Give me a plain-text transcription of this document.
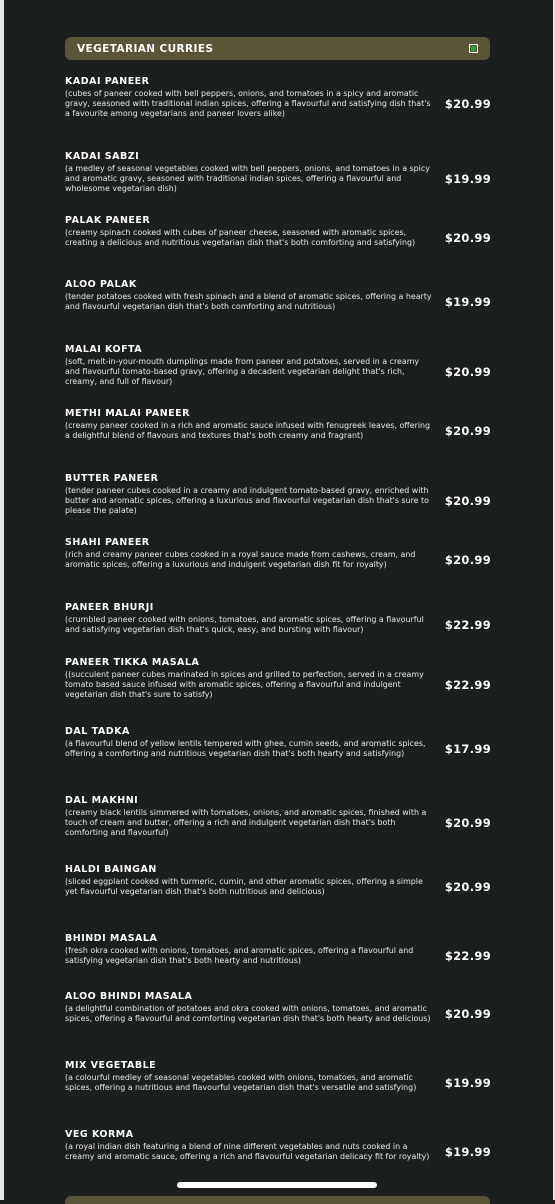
VEGETARIAN CURRIES
KADAI PANEER
(cubes of paneer cooked with bell peppers, onions, and tomatoes in a spicy and aromatic gravy, seasoned with traditional indian spices, offering a flavourful and satisfying dish that's a favourite among vegetarians and paneer lovers alike)
$20.99
KADAI SABZI
(a medley of seasonal vegetables cooked with bell peppers, onions, and tomatoes in a spicy and aromatic gravy, seasoned with traditional indian spices, offering a flavourful and wholesome vegetarian dish)
$19.99
PALAK PANEER
(creamy spinach cooked with cubes of paneer cheese, seasoned with aromatic spices, creating a delicious and nutritious vegetarian dish that's both comforting and satisfying)	$20.99
ALOO PALAK
(tender potatoes cooked with fresh spinach and a blend of aromatic spices, offering a hearty and flavourful vegetarian dish that's both comforting and nutritious)	$19.99
MALAI KOFTA
(soft, melt-in-your-mouth dumplings made from paneer and potatoes, served in a creamy and flavourful tomato-based gravy, offering a decadent vegetarian delight that's rich, creamy, and full of flavour)
$20.99
METHI MALAI PANEER
(creamy paneer cooked in a rich and aromatic sauce infused with fenugreek leaves, offering a delightful blend of flavours and textures that's both creamy and fragrant)	$20.99
BUTTER PANEER
(tender paneer cubes cooked in a creamy and indulgent tomato-based gravy, enriched with butter and aromatic spices, offering a luxurious and flavourful vegetarian dish that's sure to please the palate)
$20.99
SHAHI PANEER
(rich and creamy paneer cubes cooked in a royal sauce made from cashews, cream, and aromatic spices, offering a luxurious and indulgent vegetarian dish fit for royalty)	$20.99
PANEER BHURJI
(crumbled paneer cooked with onions, tomatoes, and aromatic spices, offering a flavourful and satisfying vegetarian dish that's quick, easy, and bursting with flavour)	$22.99
PANEER TIKKA MASALA
((succulent paneer cubes marinated in spices and grilled to perfection, served in a creamy tomato based sauce infused with aromatic spices, offering a flavourful and indulgent vegetarian dish that's sure to satisfy)
$22.99
DAL TADKA
(a flavourful blend of yellow lentils tempered with ghee, cumin seeds, and aromatic spices, offering a comforting and nutritious vegetarian dish that's both hearty and satisfying)	$17.99
DAL MAKHNI
(creamy black lentils simmered with tomatoes, onions, and aromatic spices, finished with a touch of cream and butter, offering a rich and indulgent vegetarian dish that's both comforting and flavourful)
$20.99
HALDI BAINGAN
(sliced eggplant cooked with turmeric, cumin, and other aromatic spices, offering a simple yet flavourful vegetarian dish that's both nutritious and delicious)	$20.99
BHINDI MASALA
(fresh okra cooked with onions, tomatoes, and aromatic spices, offering a flavourful and satisfying vegetarian dish that's both hearty and nutritious)	$22.99
ALOO BHINDI MASALA
(a delightful combination of potatoes and okra cooked with onions, tomatoes, and aromatic spices, offering a flavourful and comforting vegetarian dish that's both hearty and delicious)	$20.99
MIX VEGETABLE
(a colourful medley of seasonal vegetables cooked with onions, tomatoes, and aromatic spices, offering a nutritious and flavourful vegetarian dish that's versatile and satisfying)	$19.99
VEG KORMA
(a royal indian dish featuring a blend of nine different vegetables and nuts cooked in a creamy and aromatic sauce, offering a rich and flavourful vegetarian delicacy fit for royalty)	$19.99
